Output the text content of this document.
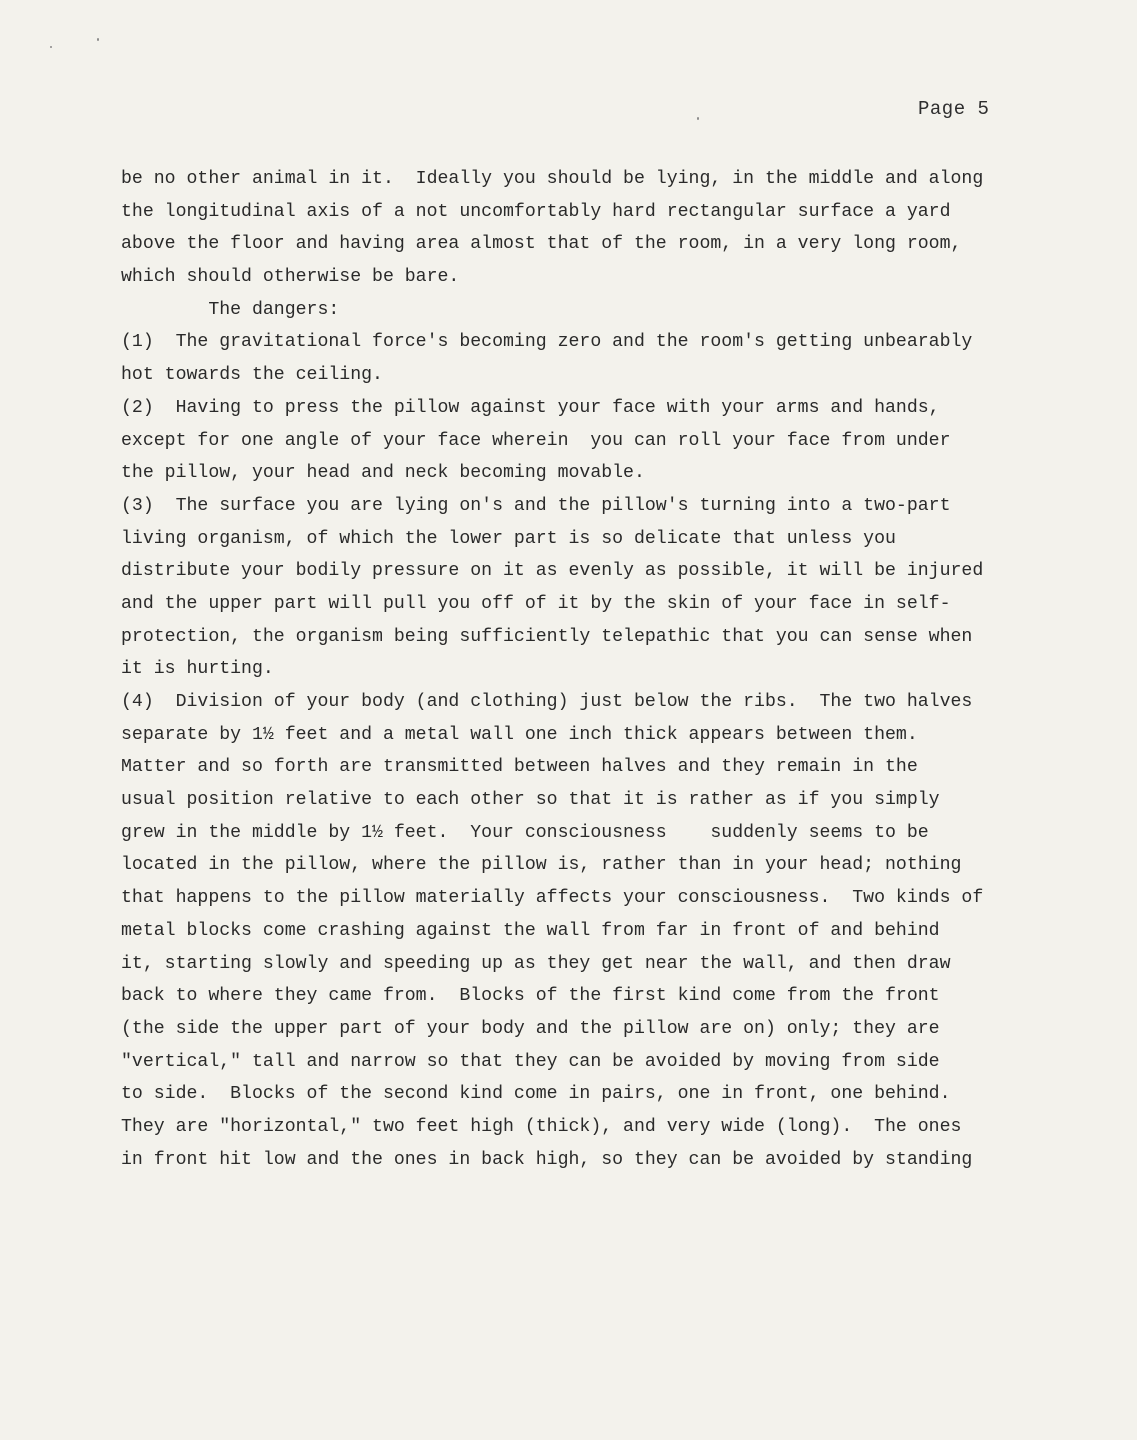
Page 5
be no other animal in it.  Ideally you should be lying, in the middle and along
the longitudinal axis of a not uncomfortably hard rectangular surface a yard
above the floor and having area almost that of the room, in a very long room,
which should otherwise be bare.
The dangers:
(1)  The gravitational force's becoming zero and the room's getting unbearably
hot towards the ceiling.
(2)  Having to press the pillow against your face with your arms and hands,
except for one angle of your face wherein  you can roll your face from under
the pillow, your head and neck becoming movable.
(3)  The surface you are lying on's and the pillow's turning into a two-part
living organism, of which the lower part is so delicate that unless you
distribute your bodily pressure on it as evenly as possible, it will be injured
and the upper part will pull you off of it by the skin of your face in self-
protection, the organism being sufficiently telepathic that you can sense when
it is hurting.
(4)  Division of your body (and clothing) just below the ribs.  The two halves
separate by 1½ feet and a metal wall one inch thick appears between them.
Matter and so forth are transmitted between halves and they remain in the
usual position relative to each other so that it is rather as if you simply
grew in the middle by 1½ feet.  Your consciousness    suddenly seems to be
located in the pillow, where the pillow is, rather than in your head; nothing
that happens to the pillow materially affects your consciousness.  Two kinds of
metal blocks come crashing against the wall from far in front of and behind
it, starting slowly and speeding up as they get near the wall, and then draw
back to where they came from.  Blocks of the first kind come from the front
(the side the upper part of your body and the pillow are on) only; they are
"vertical," tall and narrow so that they can be avoided by moving from side
to side.  Blocks of the second kind come in pairs, one in front, one behind.
They are "horizontal," two feet high (thick), and very wide (long).  The ones
in front hit low and the ones in back high, so they can be avoided by standing
